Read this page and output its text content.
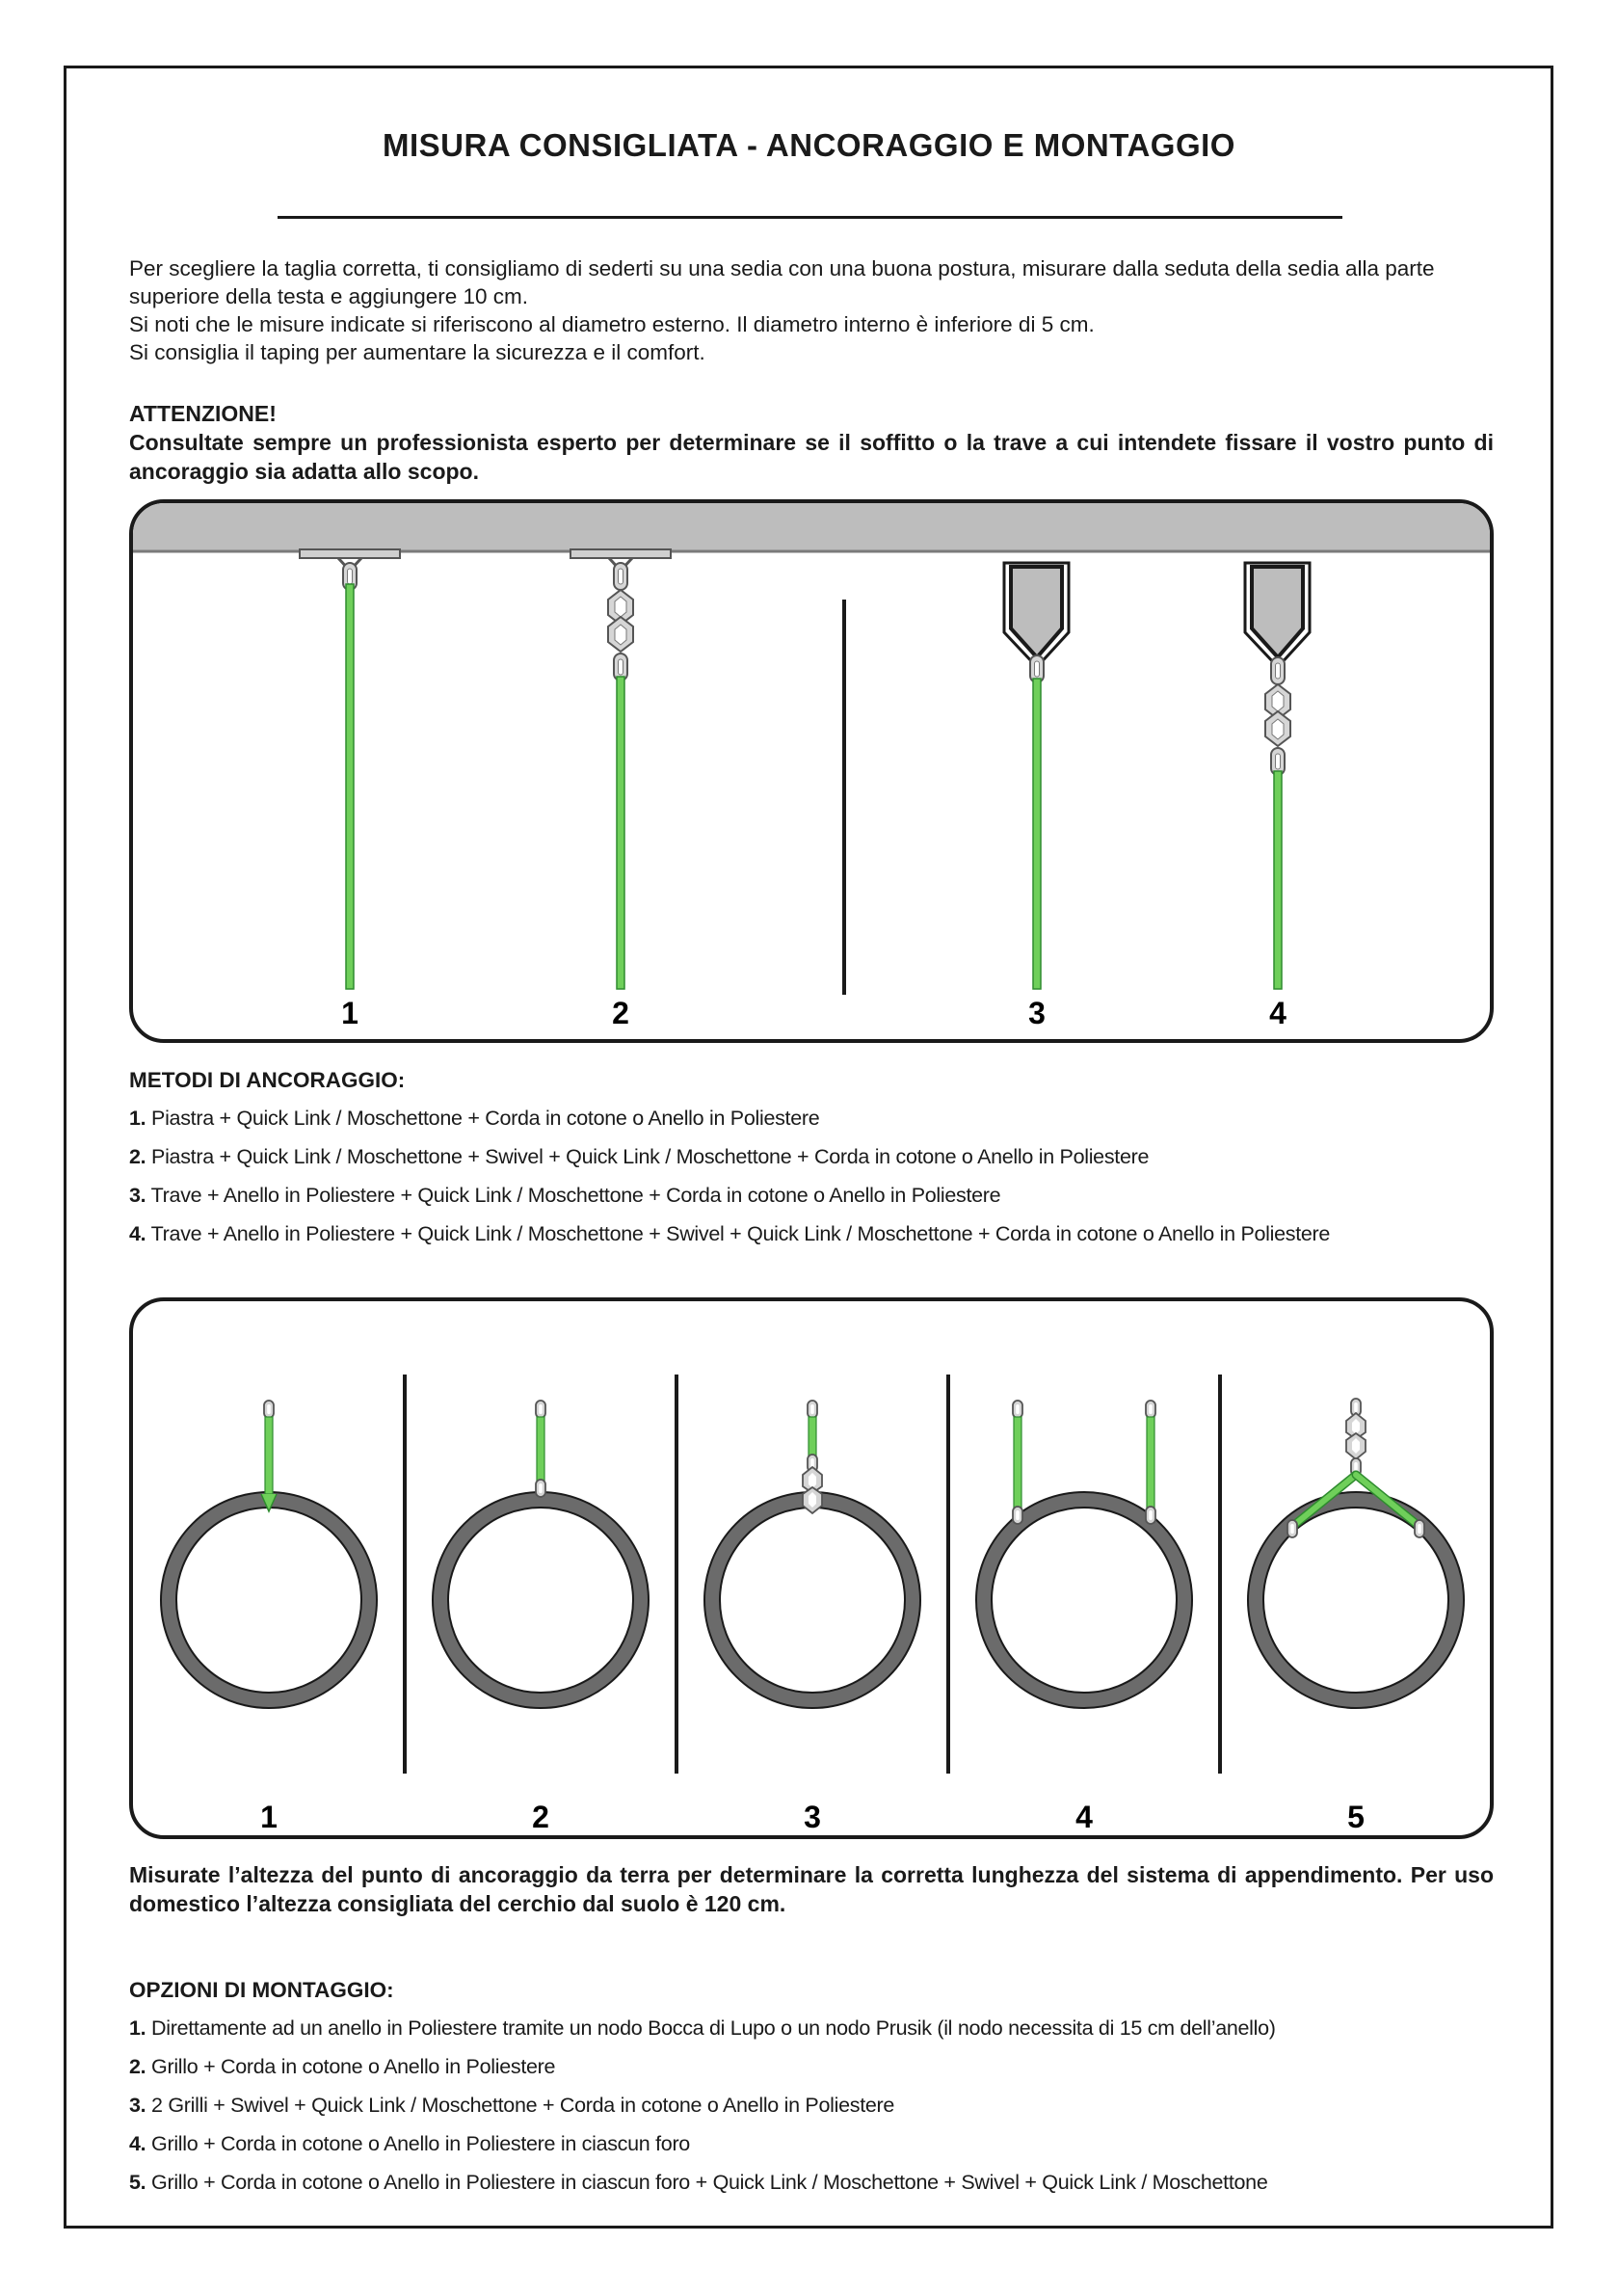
MISURA CONSIGLIATA - ANCORAGGIO E MONTAGGIO

Per scegliere la taglia corretta, ti consigliamo di sederti su una sedia con una buona postura, misurare dalla seduta della sedia alla parte superiore della testa e aggiungere 10 cm.

Si noti che le misure indicate si riferiscono al diametro esterno. Il diametro interno è inferiore di 5 cm.

Si consiglia il taping per aumentare la sicurezza e il comfort.

ATTENZIONE!

Consultate sempre un professionista esperto per determinare se il soffitto o la trave a cui intendete fissare il vostro punto di ancoraggio sia adatta allo scopo.

1	2	3	4
METODI DI ANCORAGGIO:
1. Piastra + Quick Link / Moschettone + Corda in cotone o Anello in Poliestere
2. Piastra + Quick Link / Moschettone + Swivel + Quick Link / Moschettone + Corda in cotone o Anello in Poliestere
3. Trave + Anello in Poliestere + Quick Link / Moschettone + Corda in cotone o Anello in Poliestere
4. Trave + Anello in Poliestere + Quick Link / Moschettone + Swivel + Quick Link / Moschettone + Corda in cotone o Anello in Poliestere
1	2	3	4	5
Misurate l’altezza del punto di ancoraggio da terra per determinare la corretta lunghezza del sistema di appendimento. Per uso domestico l’altezza consigliata del cerchio dal suolo è 120 cm.
OPZIONI DI MONTAGGIO:
1. Direttamente ad un anello in Poliestere tramite un nodo Bocca di Lupo o un nodo Prusik (il nodo necessita di 15 cm dell’anello)
2. Grillo + Corda in cotone o Anello in Poliestere
3. 2 Grilli + Swivel + Quick Link / Moschettone + Corda in cotone o Anello in Poliestere
4. Grillo + Corda in cotone o Anello in Poliestere in ciascun foro
5. Grillo + Corda in cotone o Anello in Poliestere in ciascun foro + Quick Link / Moschettone + Swivel + Quick Link / Moschettone
